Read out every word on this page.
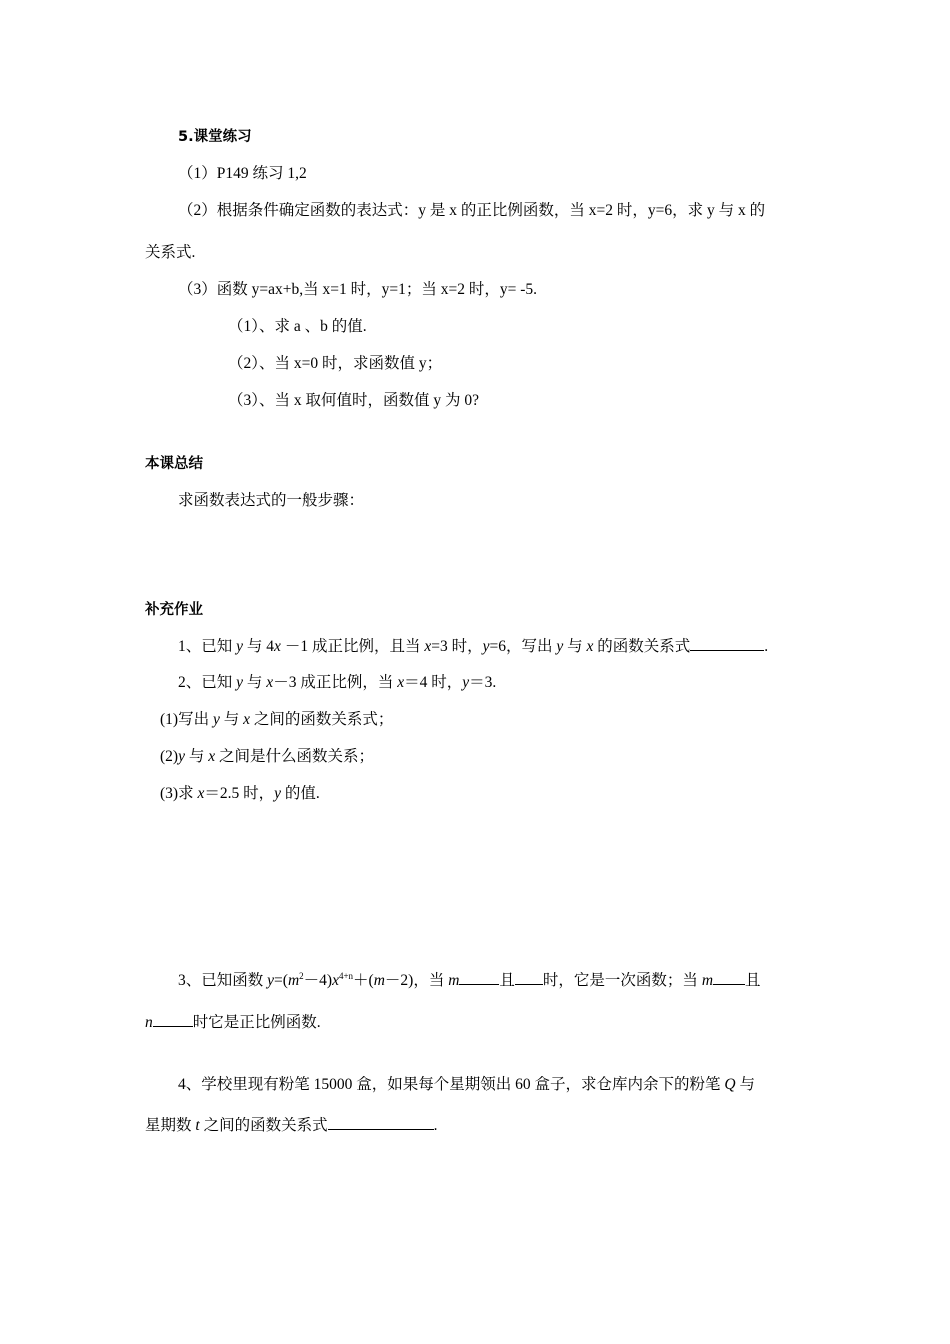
5.课堂练习
（1）P149 练习 1,2
（2）根据条件确定函数的表达式：y 是 x 的正比例函数，当 x=2 时，y=6，求 y 与 x 的
关系式.
（3）函数 y=ax+b,当 x=1 时，y=1；当 x=2 时，y= -5.
（1）、求 a 、b 的值.
（2）、当 x=0 时，求函数值 y；
（3）、当 x 取何值时，函数值 y 为 0?
本课总结
求函数表达式的一般步骤：
补充作业
1、已知 y 与 4x －1 成正比例，且当 x=3 时，y=6，写出 y 与 x 的函数关系式	.
2、已知 y 与 x－3 成正比例，当 x＝4 时，y＝3.
(1)写出 y 与 x 之间的函数关系式；
(2)y 与 x 之间是什么函数关系；
(3)求 x＝2.5 时，y 的值.
3、已知函数 $y=(m^2-4)x^{4+n}+(m-2)$，当 m	且 时，它是一次函数；当 m 且
n	时它是正比例函数.
4、学校里现有粉笔 15000 盒，如果每个星期领出 60 盒子，求仓库内余下的粉笔 Q 与
星期数 t 之间的函数关系式	.
